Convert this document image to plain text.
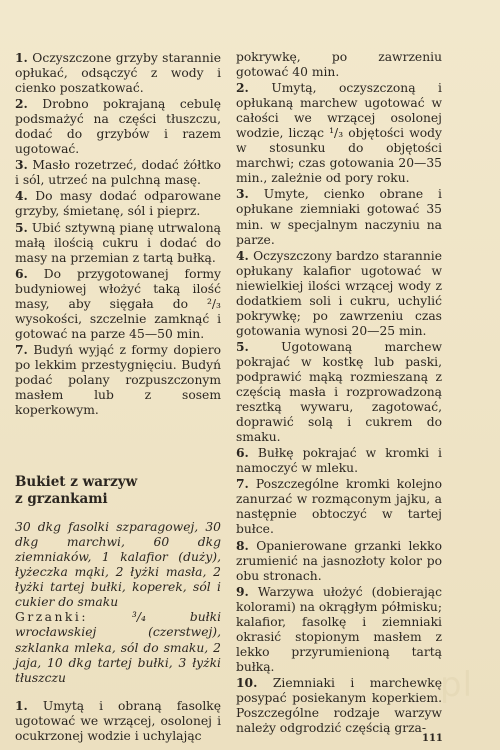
1. Oczyszczone grzyby starannie opłukać, odsączyć z wody i cienko poszatkować.

2. Drobno pokrajaną cebulę podsmażyć na części tłuszczu, dodać do grzybów i razem ugotować.

3. Masło rozetrzeć, dodać żółtko i sól, utrzeć na pulchną masę.

4. Do masy dodać odparowane grzyby, śmietanę, sól i pieprz.

5. Ubić sztywną pianę utrwaloną małą ilością cukru i dodać do masy na przemian z tartą bułką.

6. Do przygotowanej formy budyniowej włożyć taką ilość masy, aby sięgała do ²/₃ wysokości, szczelnie zamknąć i gotować na parze 45—50 min.

7. Budyń wyjąć z formy dopiero po lekkim przestygnięciu. Budyń podać polany rozpuszczonym masłem lub z sosem koperkowym.

Bukiet z warzyw
z grzankami

30 dkg fasolki szparagowej, 30 dkg marchwi, 60 dkg ziemniaków, 1 kalafior (duży), łyżeczka mąki, 2 łyżki masła, 2 łyżki tartej bułki, koperek, sól i cukier do smaku
Grzanki:	³/₄ bułki wrocławskiej (czerstwej), szklanka mleka, sól do smaku, 2 jaja, 10 dkg tartej bułki, 3 łyżki tłuszczu

1. Umytą i obraną fasolkę ugotować we wrzącej, osolonej i ocukrzonej wodzie i uchylając

pokrywkę, po zawrzeniu gotować 40 min.

2. Umytą, oczyszczoną i opłukaną marchew ugotować w całości we wrzącej osolonej wodzie, licząc ¹/₃ objętości wody w stosunku do objętości marchwi; czas gotowania 20—35 min., zależnie od pory roku.

3. Umyte, cienko obrane i opłukane ziemniaki gotować 35 min. w specjalnym naczyniu na parze.

4. Oczyszczony bardzo starannie opłukany kalafior ugotować w niewielkiej ilości wrzącej wody z dodatkiem soli i cukru, uchylić pokrywkę; po zawrzeniu czas gotowania wynosi 20—25 min.

5.	Ugotowaną marchew pokrajać w kostkę lub paski, podprawić mąką rozmieszaną z częścią masła i rozprowadzoną resztką wywaru, zagotować, doprawić solą i cukrem do smaku.

6. Bułkę pokrajać w kromki i namoczyć w mleku.

7. Poszczególne kromki kolejno zanurzać w rozmąconym jajku, a następnie obtoczyć w tartej bułce.

8. Opanierowane grzanki lekko zrumienić na jasnozłoty kolor po obu stronach.

9. Warzywa ułożyć (dobierając kolorami) na okrągłym półmisku; kalafior, fasolkę i ziemniaki okrasić stopionym masłem z lekko przyrumienioną tartą bułką.

10. Ziemniaki i marchewkę posypać posiekanym koperkiem. Poszczególne rodzaje warzyw należy odgrodzić częścią grza-

pl
111
